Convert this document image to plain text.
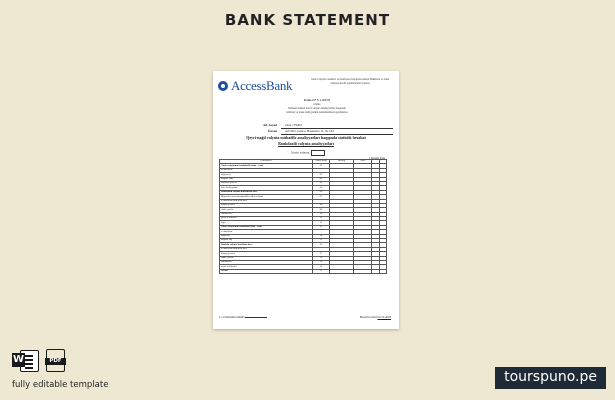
BANK STATEMENT
AccessBank	Xarici valyuta vəsaitləri və mənfəətlər haqqında hesabat Bankların və bank olmayan kredit təşkilatlarının forması
Forma 227 N 1, 2017/N
bölmə
Mərkəzi bankın xarici valyuta əməliyyatları haqqında
təlimata və bank fəaliyyətinin tənzimlənməsi qaydalarına
Ad, Soyad	xxxx 178204
Ünvan	AZ1022, Gəncə, Həsənoba 11, m. 162
Qeyri-nağd valyuta mübadilə əməliyyatları haqqında statistik hesabat
Bankdaxili valyuta əməliyyatları
Xarici valyuta
1 manatla ifadə
Göstəricilər	sətirin kodu	məbləğ	dövr		
Xarici valyutanın bankdaxili satışı - cəmi	01				
o cümlədən:					
nağd satış	02				
nağdsız satış	03				
köçürmə yolu ilə	04				
kart əməliyyatları	05				
Bankdaxili valyuta mübadiləsi üzrə	06				
Müştərilər arasında mübadilə edilən valyuta	07				
o cümlədən müştərilər üzrə					
hüquqi şəxslər	08				
fiziki şəxslər	09				
sahibkarlar	10				
qeyri-rezidentlər	11				
digər	12				
Xarici valyutanın bankdaxili alışı - cəmi	13				
o cümlədən:					
nağd alış	14				
nağdsız alış	15				
Bankda valyuta hesabları üzrə	16				
o cümlədən müştərilər üzrə					
hüquqi şəxslər	17				
fiziki şəxslər	18				
sahibkarlar	19				
qeyri-rezidentlər	20				
Yekun	21				
1-ci bölmənin müdiri	Hesabat tarixi 02.12.2018
W	PDF
fully editable template	tourspuno.pe
